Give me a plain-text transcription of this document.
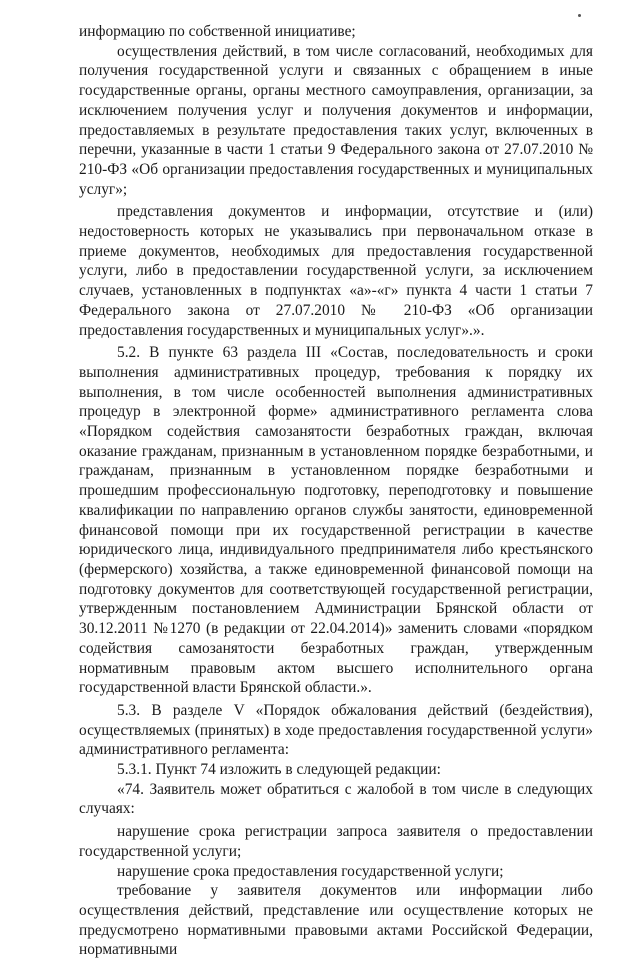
информацию по собственной инициативе;

осуществления действий, в том числе согласований, необходимых для получения государственной услуги и связанных с обращением в иные государственные органы, органы местного самоуправления, организации, за исключением получения услуг и получения документов и информации, предоставляемых в результате предоставления таких услуг, включенных в перечни, указанные в части 1 статьи 9 Федерального закона от 27.07.2010 № 210-ФЗ «Об организации предоставления государственных и муниципальных услуг»;

представления документов и информации, отсутствие и (или) недостоверность которых не указывались при первоначальном отказе в приеме документов, необходимых для предоставления государственной услуги, либо в предоставлении государственной услуги, за исключением случаев, установленных в подпунктах «а»-«г» пункта 4 части 1 статьи 7 Федерального закона от 27.07.2010 № 210-ФЗ «Об организации предоставления государственных и муниципальных услуг».».

5.2. В пункте 63 раздела III «Состав, последовательность и сроки выполнения административных процедур, требования к порядку их выполнения, в том числе особенностей выполнения административных процедур в электронной форме» административного регламента слова «Порядком содействия самозанятости безработных граждан, включая оказание гражданам, признанным в установленном порядке безработными, и гражданам, признанным в установленном порядке безработными и прошедшим профессиональную подготовку, переподготовку и повышение квалификации по направлению органов службы занятости, единовременной финансовой помощи при их государственной регистрации в качестве юридического лица, индивидуального предпринимателя либо крестьянского (фермерского) хозяйства, а также единовременной финансовой помощи на подготовку документов для соответствующей государственной регистрации, утвержденным постановлением Администрации Брянской области от 30.12.2011 №1270 (в редакции от 22.04.2014)» заменить словами «порядком содействия самозанятости безработных граждан, утвержденным нормативным правовым актом высшего исполнительного органа государственной власти Брянской области.».

5.3. В разделе V «Порядок обжалования действий (бездействия), осуществляемых (принятых) в ходе предоставления государственной услуги» административного регламента:

5.3.1. Пункт 74 изложить в следующей редакции:

«74. Заявитель может обратиться с жалобой в том числе в следующих случаях:

нарушение срока регистрации запроса заявителя о предоставлении государственной услуги;

нарушение срока предоставления государственной услуги;

требование у заявителя документов или информации либо осуществления действий, представление или осуществление которых не предусмотрено нормативными правовыми актами Российской Федерации, нормативными
